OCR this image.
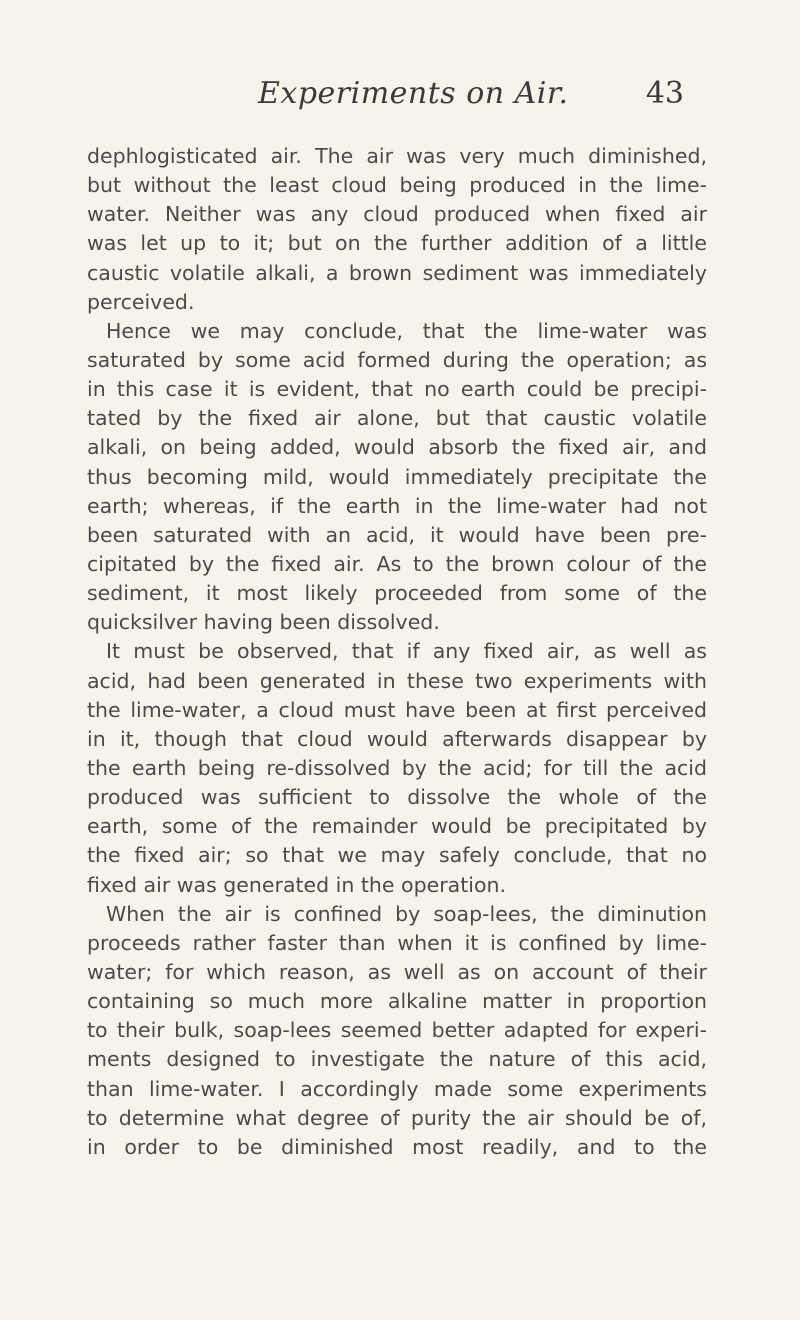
Experiments on Air.	43
dephlogisticated air. The air was very much diminished,
but without the least cloud being produced in the lime-
water. Neither was any cloud produced when fixed air
was let up to it; but on the further addition of a little
caustic volatile alkali, a brown sediment was immediately
perceived.
Hence we may conclude, that the lime-water was
saturated by some acid formed during the operation; as
in this case it is evident, that no earth could be precipi-
tated by the fixed air alone, but that caustic volatile
alkali, on being added, would absorb the fixed air, and
thus becoming mild, would immediately precipitate the
earth; whereas, if the earth in the lime-water had not
been saturated with an acid, it would have been pre-
cipitated by the fixed air. As to the brown colour of the
sediment, it most likely proceeded from some of the
quicksilver having been dissolved.
It must be observed, that if any fixed air, as well as
acid, had been generated in these two experiments with
the lime-water, a cloud must have been at first perceived
in it, though that cloud would afterwards disappear by
the earth being re-dissolved by the acid; for till the acid
produced was sufficient to dissolve the whole of the
earth, some of the remainder would be precipitated by
the fixed air; so that we may safely conclude, that no
fixed air was generated in the operation.
When the air is confined by soap-lees, the diminution
proceeds rather faster than when it is confined by lime-
water; for which reason, as well as on account of their
containing so much more alkaline matter in proportion
to their bulk, soap-lees seemed better adapted for experi-
ments designed to investigate the nature of this acid,
than lime-water. I accordingly made some experiments
to determine what degree of purity the air should be of,
in order to be diminished most readily, and to the
